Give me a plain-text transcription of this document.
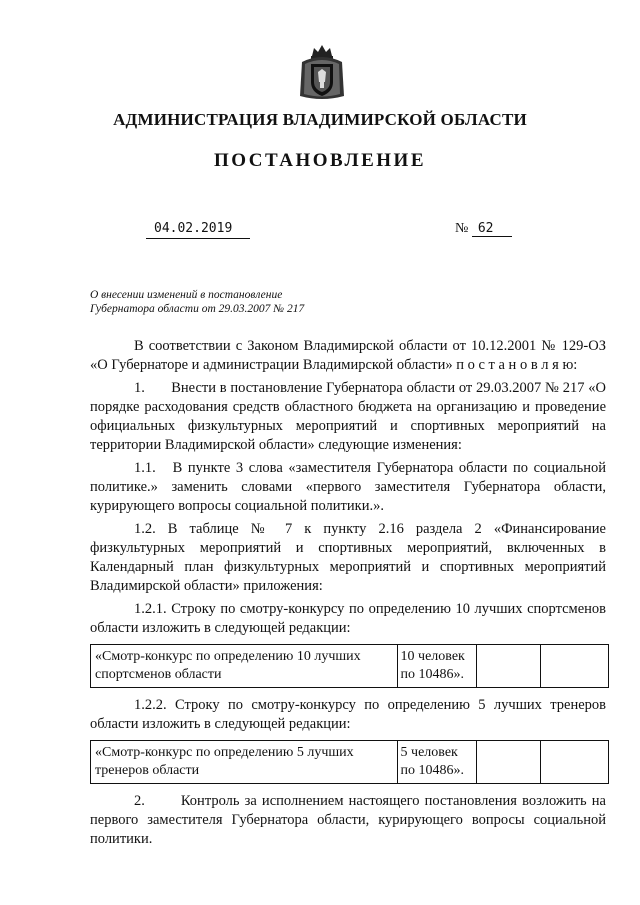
АДМИНИСТРАЦИЯ ВЛАДИМИРСКОЙ ОБЛАСТИ
ПОСТАНОВЛЕНИЕ
04.02.2019	№ 62
О внесении изменений в постановление
Губернатора области от 29.03.2007 № 217

В соответствии с Законом Владимирской области от 10.12.2001 № 129-ОЗ «О Губернаторе и администрации Владимирской области» п о с т а н о в л я ю:

1.       Внести в постановление Губернатора области от 29.03.2007 № 217 «О порядке расходования средств областного бюджета на организацию и проведение официальных физкультурных мероприятий и спортивных мероприятий на территории Владимирской области» следующие изменения:

1.1.   В пункте 3 слова «заместителя Губернатора области по социальной политике.» заменить словами «первого заместителя Губернатора области, курирующего вопросы социальной политики.».

1.2. В таблице № 7 к пункту 2.16 раздела 2 «Финансирование физкультурных мероприятий и спортивных мероприятий, включенных в Календарный план физкультурных мероприятий и спортивных мероприятий Владимирской области» приложения:

1.2.1. Строку по смотру-конкурсу по определению 10 лучших спортсменов области изложить в следующей редакции:

«Смотр-конкурс по определению 10 лучших спортсменов области	10 человек по 10486».		

1.2.2. Строку по смотру-конкурсу по определению 5 лучших тренеров области изложить в следующей редакции:

«Смотр-конкурс по определению 5 лучших тренеров области	5 человек по 10486».		

2.       Контроль за исполнением настоящего постановления возложить на первого заместителя Губернатора области, курирующего вопросы социальной политики.
